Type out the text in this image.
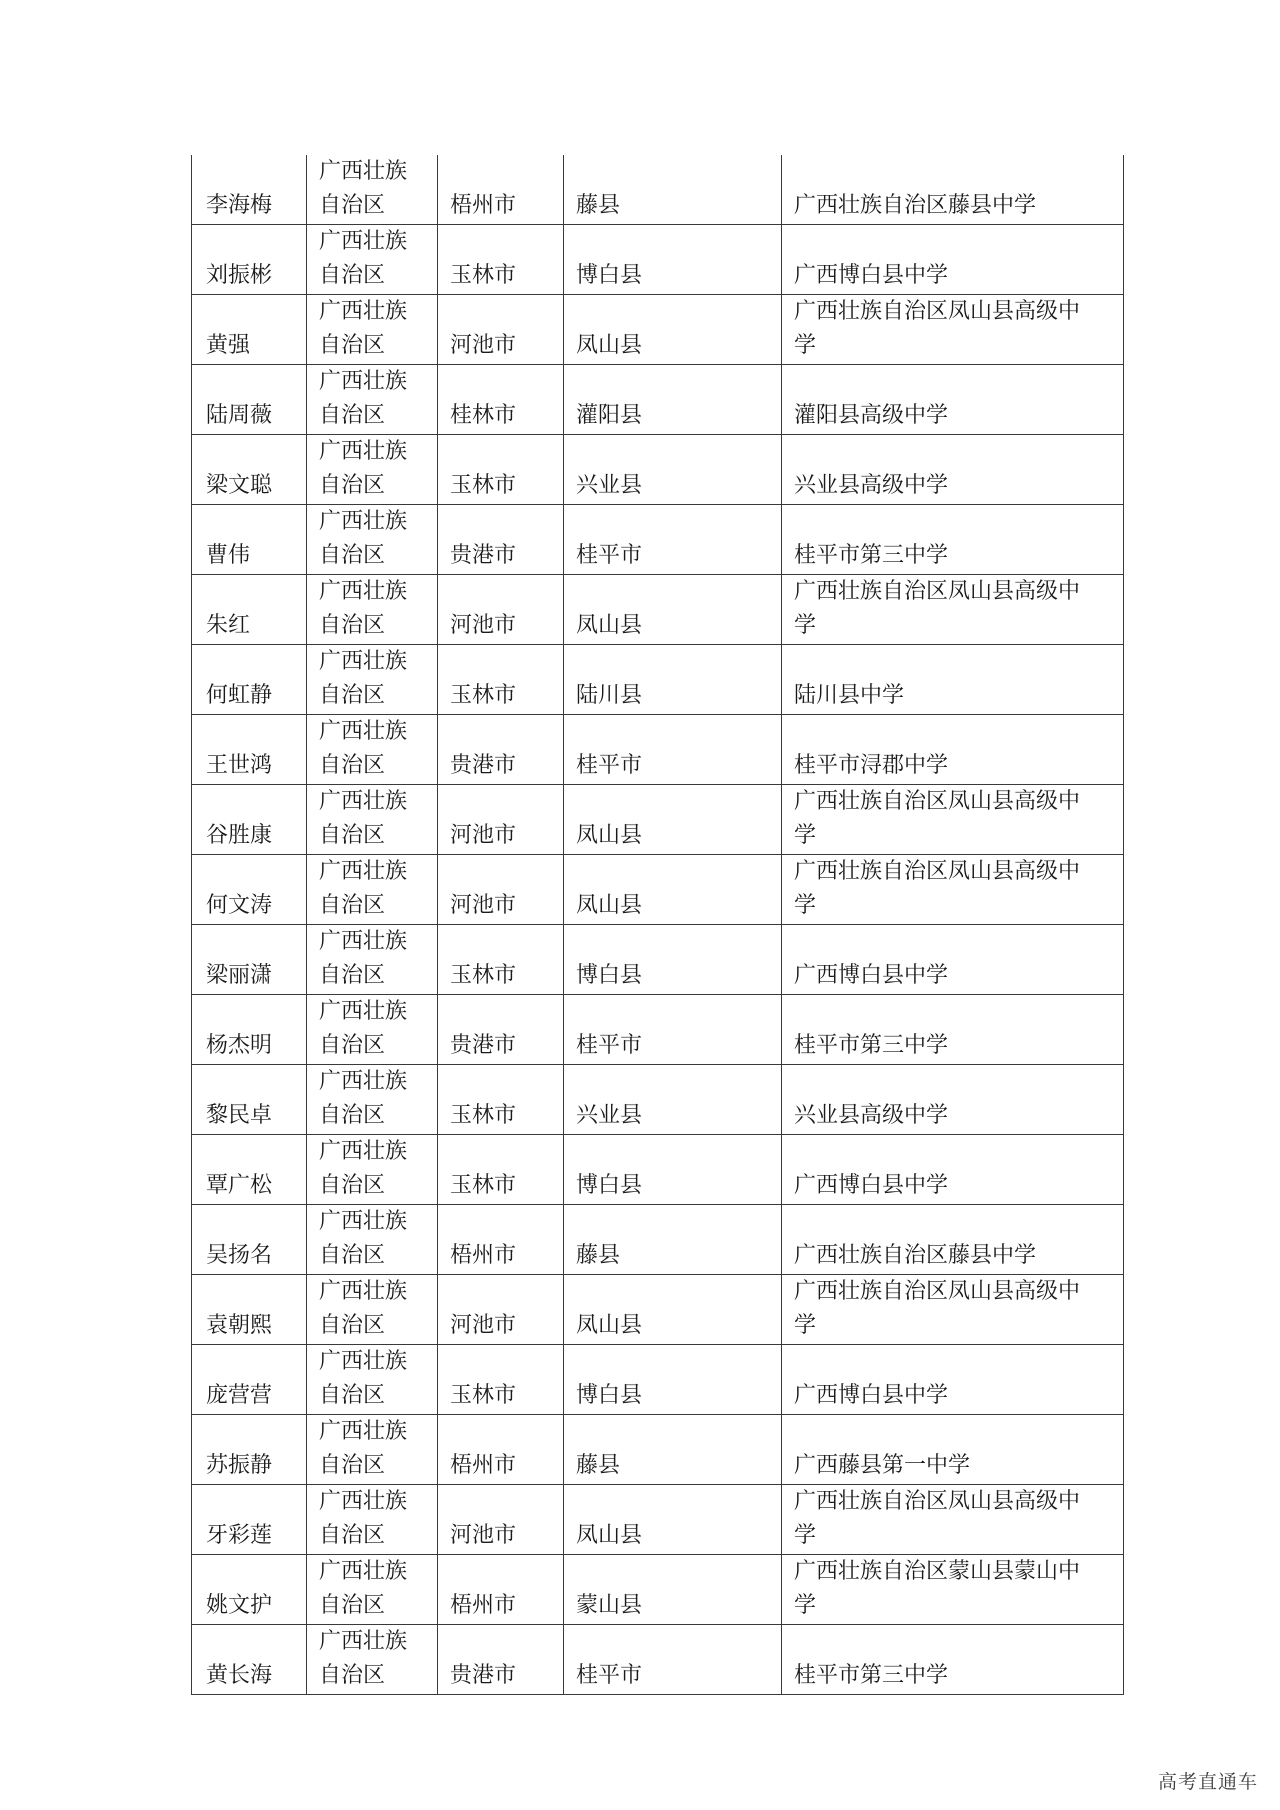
李海梅	广西壮族
自治区	梧州市	藤县	广西壮族自治区藤县中学

刘振彬	广西壮族
自治区	玉林市	博白县	广西博白县中学

黄强	广西壮族
自治区	河池市	凤山县	广西壮族自治区凤山县高级中
学

陆周薇	广西壮族
自治区	桂林市	灌阳县	灌阳县高级中学

梁文聪	广西壮族
自治区	玉林市	兴业县	兴业县高级中学

曹伟	广西壮族
自治区	贵港市	桂平市	桂平市第三中学

朱红	广西壮族
自治区	河池市	凤山县	广西壮族自治区凤山县高级中
学

何虹静	广西壮族
自治区	玉林市	陆川县	陆川县中学

王世鸿	广西壮族
自治区	贵港市	桂平市	桂平市浔郡中学

谷胜康	广西壮族
自治区	河池市	凤山县	广西壮族自治区凤山县高级中
学

何文涛	广西壮族
自治区	河池市	凤山县	广西壮族自治区凤山县高级中
学

梁丽潇	广西壮族
自治区	玉林市	博白县	广西博白县中学

杨杰明	广西壮族
自治区	贵港市	桂平市	桂平市第三中学

黎民卓	广西壮族
自治区	玉林市	兴业县	兴业县高级中学

覃广松	广西壮族
自治区	玉林市	博白县	广西博白县中学

吴扬名	广西壮族
自治区	梧州市	藤县	广西壮族自治区藤县中学

袁朝熙	广西壮族
自治区	河池市	凤山县	广西壮族自治区凤山县高级中
学

庞营营	广西壮族
自治区	玉林市	博白县	广西博白县中学

苏振静	广西壮族
自治区	梧州市	藤县	广西藤县第一中学

牙彩莲	广西壮族
自治区	河池市	凤山县	广西壮族自治区凤山县高级中
学

姚文护	广西壮族
自治区	梧州市	蒙山县	广西壮族自治区蒙山县蒙山中
学

黄长海	广西壮族
自治区	贵港市	桂平市	桂平市第三中学
高考直通车
